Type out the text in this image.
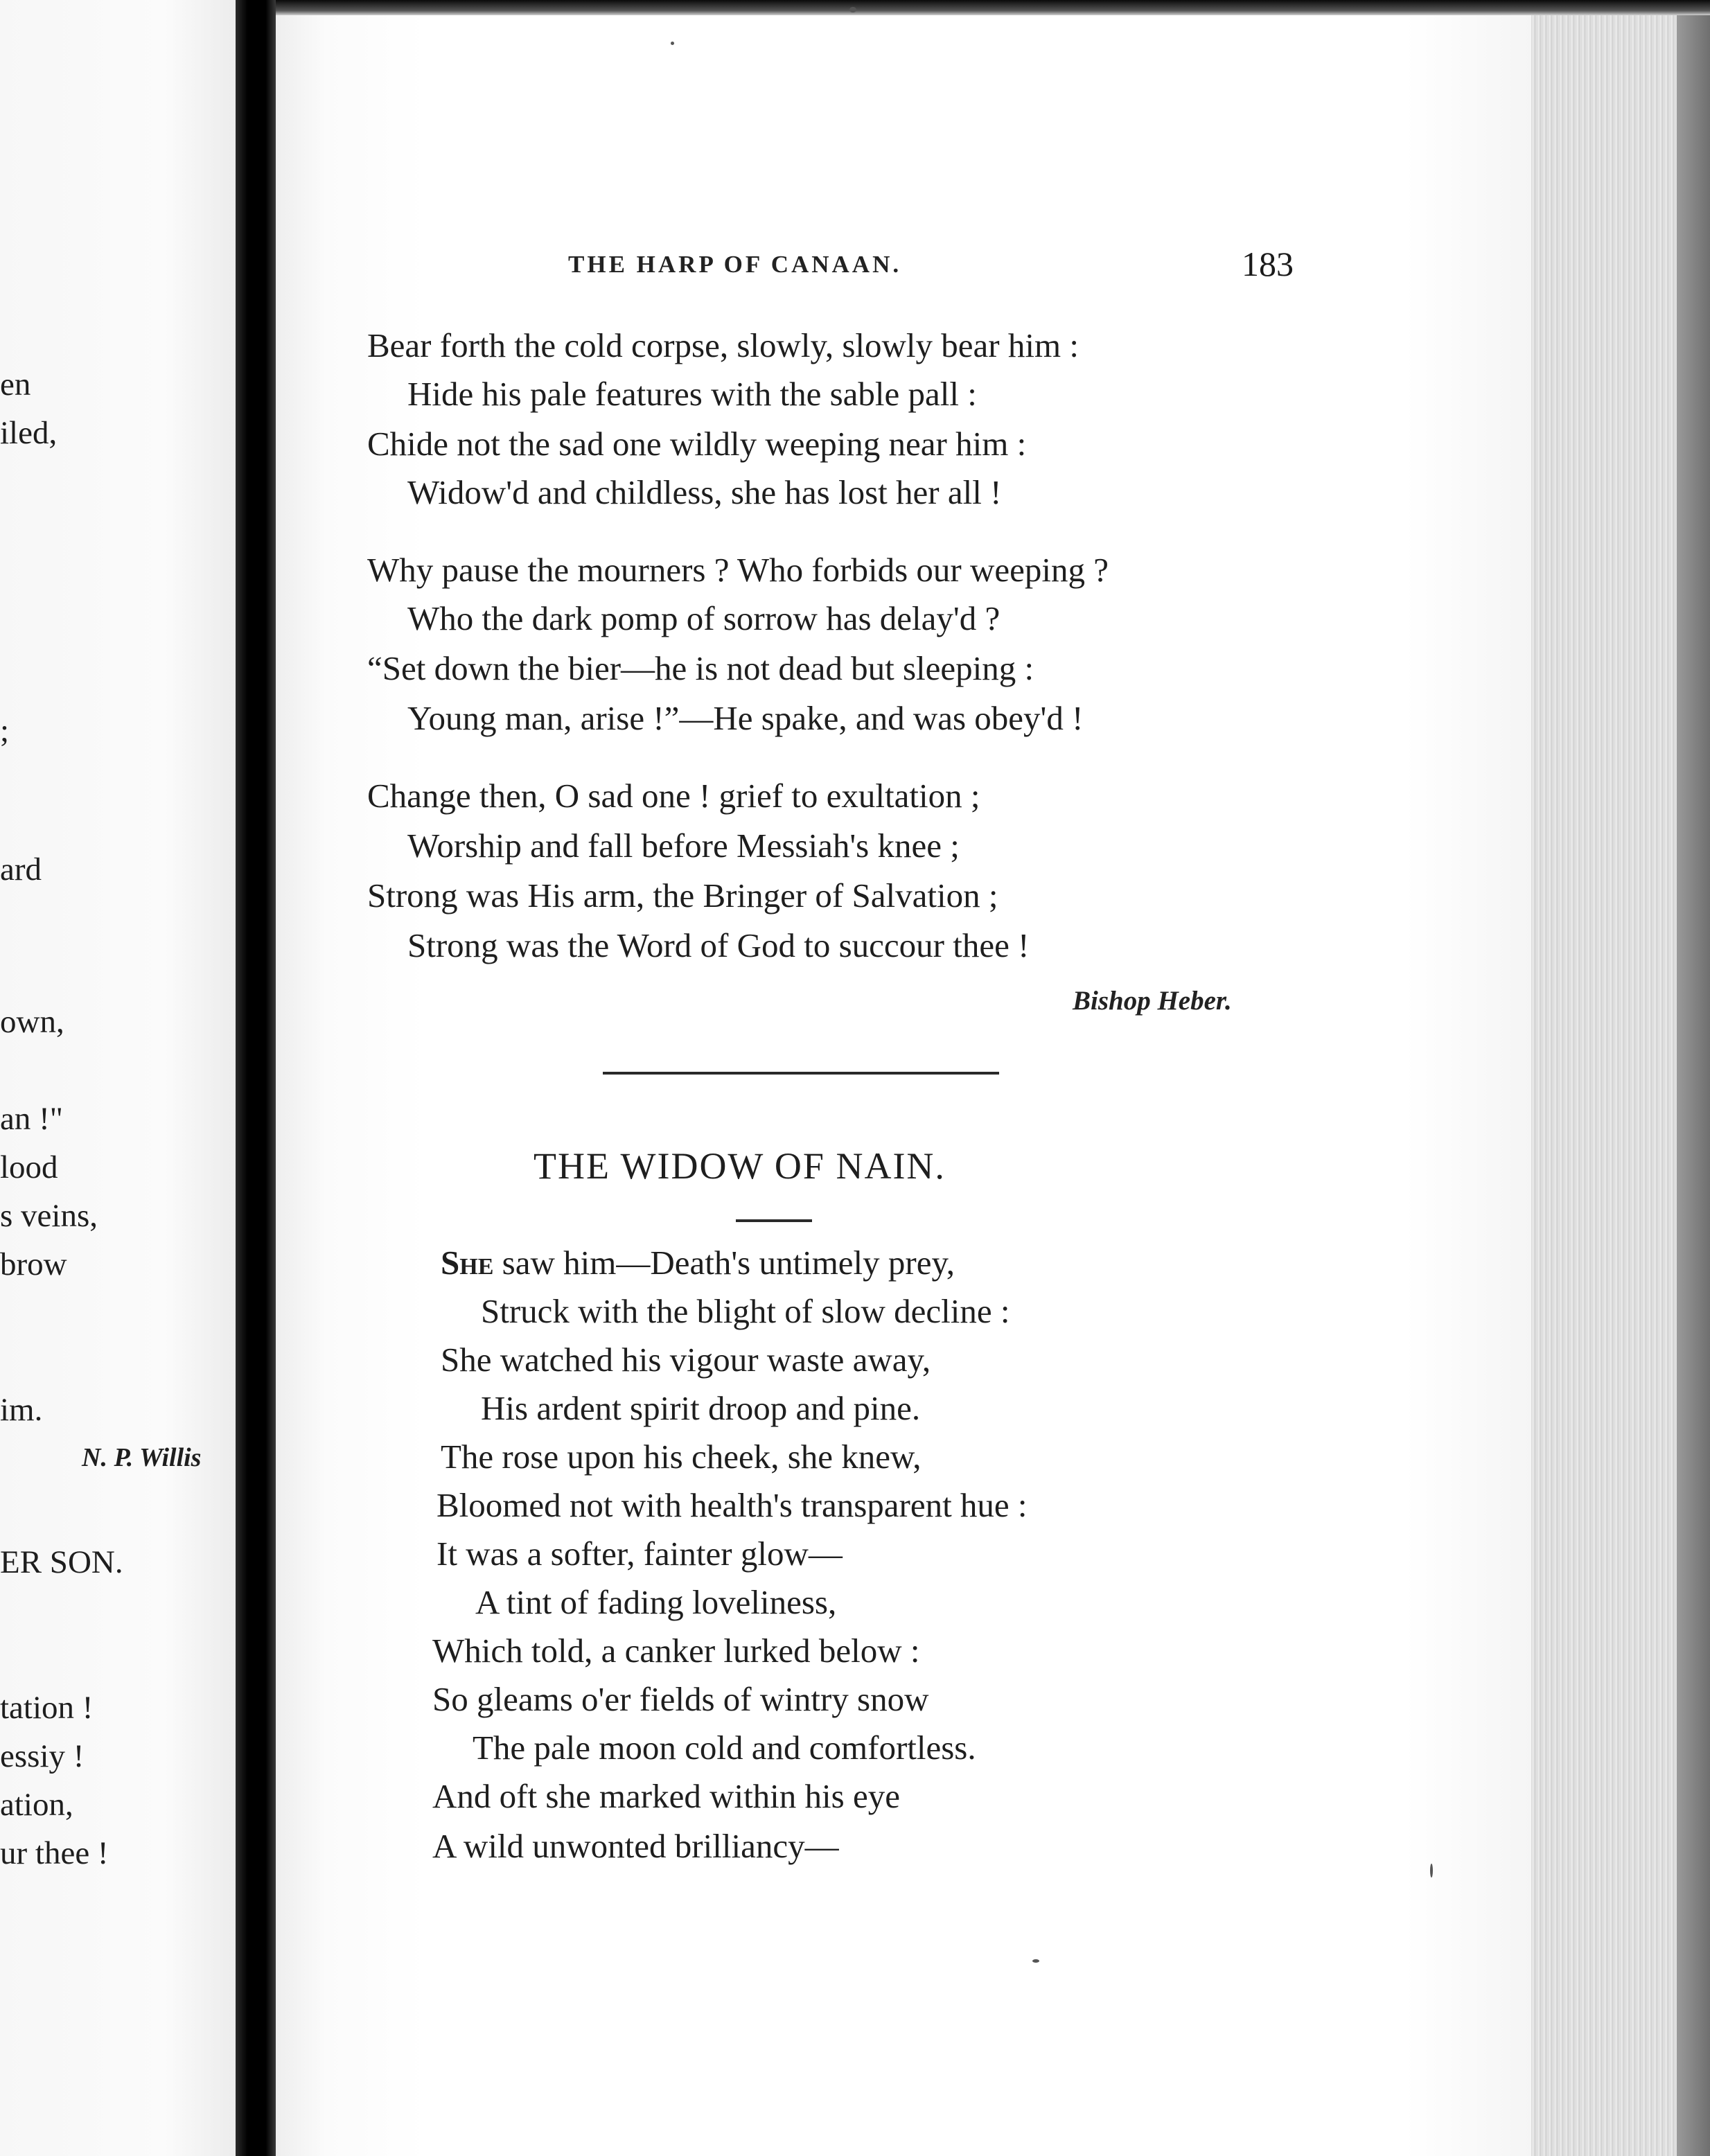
en
iled,
;
ard
own,
an !"
lood
s veins,
brow
im.
N. P. Willis
ER SON.
tation !
essiy !
ation,
ur thee !
THE HARP OF CANAAN.	183
Bear forth the cold corpse, slowly, slowly bear him :
Hide his pale features with the sable pall :
Chide not the sad one wildly weeping near him :
Widow'd and childless, she has lost her all !
Why pause the mourners ? Who forbids our weeping ?
Who the dark pomp of sorrow has delay'd ?
“Set down the bier—he is not dead but sleeping :
Young man, arise !”—He spake, and was obey'd !
Change then, O sad one ! grief to exultation ;
Worship and fall before Messiah's knee ;
Strong was His arm, the Bringer of Salvation ;
Strong was the Word of God to succour thee !
Bishop Heber.
THE WIDOW OF NAIN.
She saw him—Death's untimely prey,
Struck with the blight of slow decline :
She watched his vigour waste away,
His ardent spirit droop and pine.
The rose upon his cheek, she knew,
Bloomed not with health's transparent hue :
It was a softer, fainter glow—
A tint of fading loveliness,
Which told, a canker lurked below :
So gleams o'er fields of wintry snow
The pale moon cold and comfortless.
And oft she marked within his eye
A wild unwonted brilliancy—
